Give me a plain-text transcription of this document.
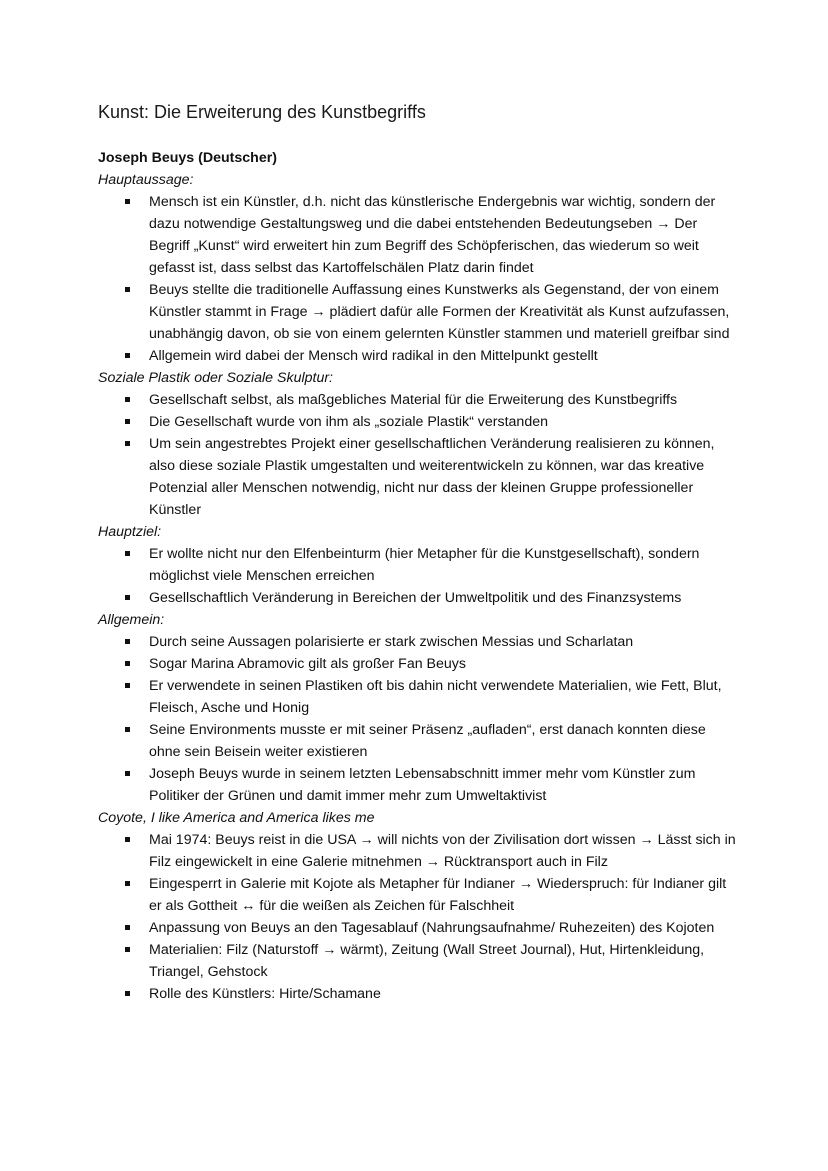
Kunst: Die Erweiterung des Kunstbegriffs

Joseph Beuys (Deutscher)

Hauptaussage:

Mensch ist ein Künstler, d.h. nicht das künstlerische Endergebnis war wichtig, sondern der dazu notwendige Gestaltungsweg und die dabei entstehenden Bedeutungseben → Der Begriff „Kunst“ wird erweitert hin zum Begriff des Schöpferischen, das wiederum so weit gefasst ist, dass selbst das Kartoffelschälen Platz darin findet
Beuys stellte die traditionelle Auffassung eines Kunstwerks als Gegenstand, der von einem Künstler stammt in Frage → plädiert dafür alle Formen der Kreativität als Kunst aufzufassen, unabhängig davon, ob sie von einem gelernten Künstler stammen und materiell greifbar sind
Allgemein wird dabei der Mensch wird radikal in den Mittelpunkt gestellt

Soziale Plastik oder Soziale Skulptur:

Gesellschaft selbst, als maßgebliches Material für die Erweiterung des Kunstbegriffs
Die Gesellschaft wurde von ihm als „soziale Plastik“ verstanden
Um sein angestrebtes Projekt einer gesellschaftlichen Veränderung realisieren zu können, also diese soziale Plastik umgestalten und weiterentwickeln zu können, war das kreative Potenzial aller Menschen notwendig, nicht nur dass der kleinen Gruppe professioneller Künstler

Hauptziel:

Er wollte nicht nur den Elfenbeinturm (hier Metapher für die Kunstgesellschaft), sondern möglichst viele Menschen erreichen
Gesellschaftlich Veränderung in Bereichen der Umweltpolitik und des Finanzsystems

Allgemein:

Durch seine Aussagen polarisierte er stark zwischen Messias und Scharlatan
Sogar Marina Abramovic gilt als großer Fan Beuys
Er verwendete in seinen Plastiken oft bis dahin nicht verwendete Materialien, wie Fett, Blut, Fleisch, Asche und Honig
Seine Environments musste er mit seiner Präsenz „aufladen“, erst danach konnten diese ohne sein Beisein weiter existieren
Joseph Beuys wurde in seinem letzten Lebensabschnitt immer mehr vom Künstler zum Politiker der Grünen und damit immer mehr zum Umweltaktivist

Coyote, I like America and America likes me

Mai 1974: Beuys reist in die USA → will nichts von der Zivilisation dort wissen → Lässt sich in Filz eingewickelt in eine Galerie mitnehmen → Rücktransport auch in Filz
Eingesperrt in Galerie mit Kojote als Metapher für Indianer → Wiederspruch: für Indianer gilt er als Gottheit ↔ für die weißen als Zeichen für Falschheit
Anpassung von Beuys an den Tagesablauf (Nahrungsaufnahme/ Ruhezeiten) des Kojoten
Materialien: Filz (Naturstoff → wärmt), Zeitung (Wall Street Journal), Hut, Hirtenkleidung, Triangel, Gehstock
Rolle des Künstlers: Hirte/Schamane
